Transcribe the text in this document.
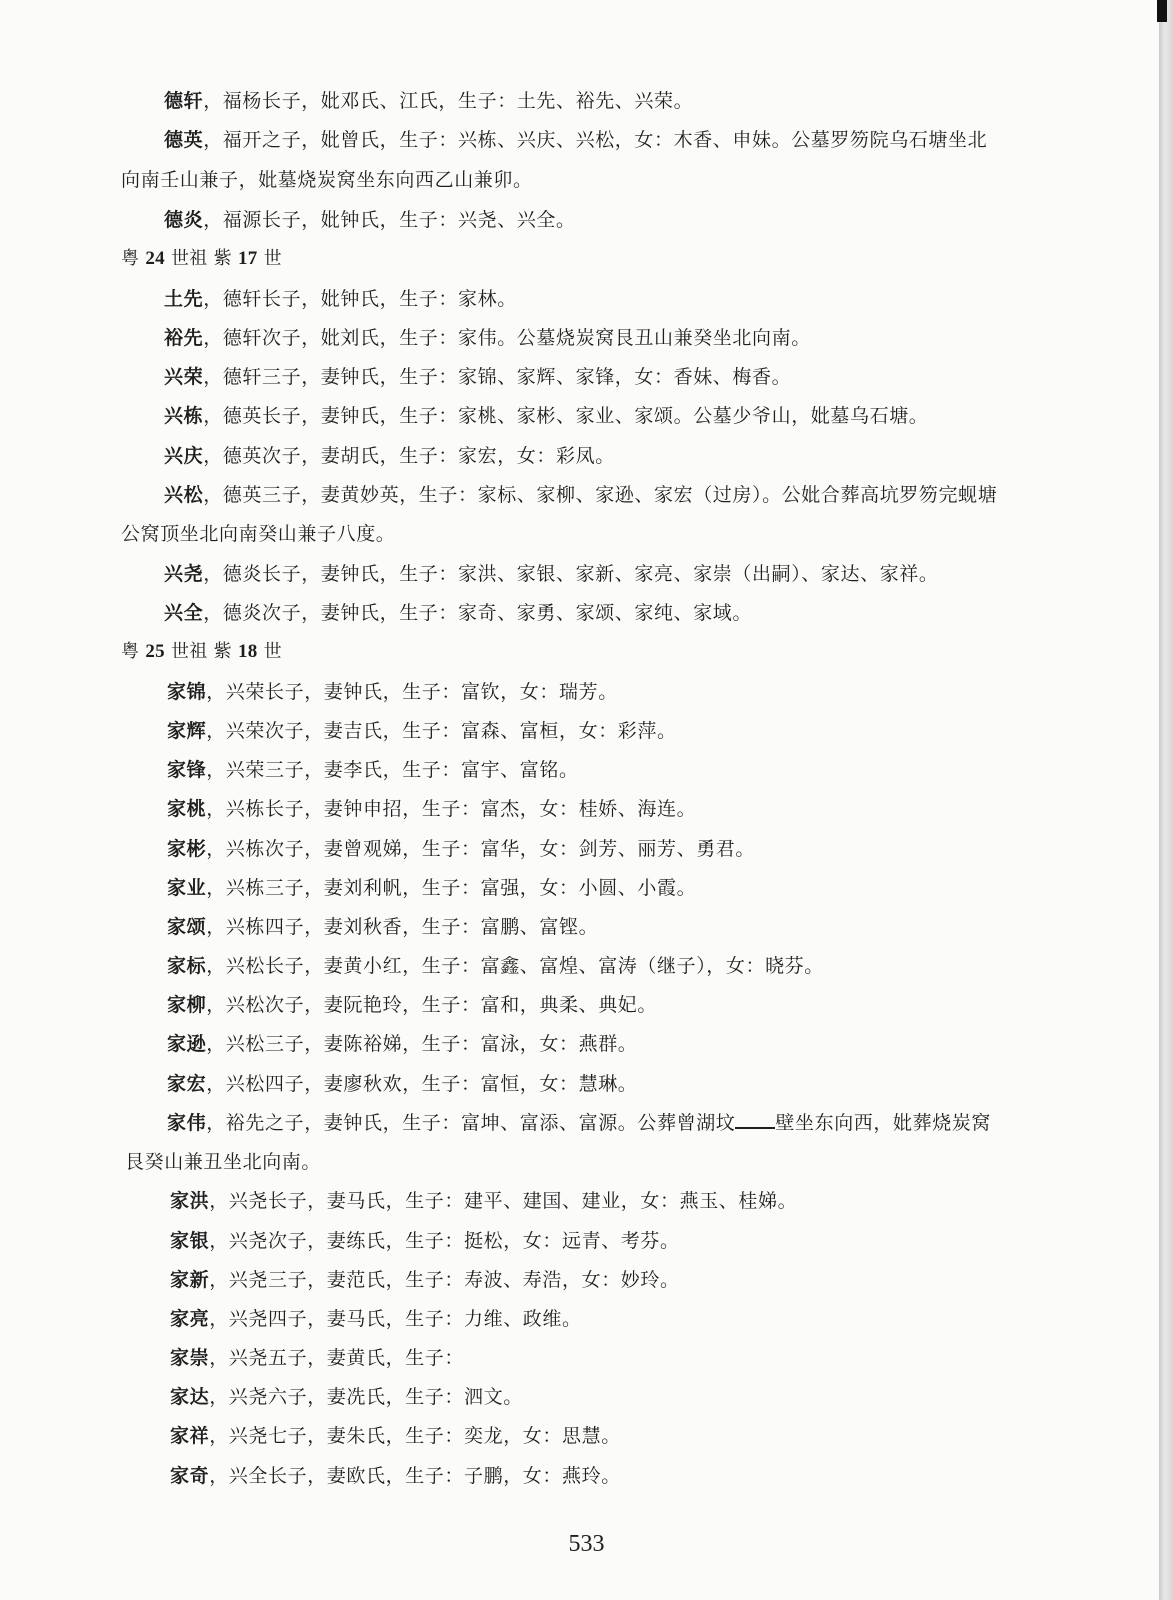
德轩，福杨长子，妣邓氏、江氏，生子：土先、裕先、兴荣。
德英，福开之子，妣曾氏，生子：兴栋、兴庆、兴松，女：木香、申妹。公墓罗笏院乌石塘坐北
向南壬山兼子，妣墓烧炭窝坐东向西乙山兼卯。
德炎，福源长子，妣钟氏，生子：兴尧、兴全。
粤 24 世祖 紫 17 世
土先，德轩长子，妣钟氏，生子：家林。
裕先，德轩次子，妣刘氏，生子：家伟。公墓烧炭窝艮丑山兼癸坐北向南。
兴荣，德轩三子，妻钟氏，生子：家锦、家辉、家锋，女：香妹、梅香。
兴栋，德英长子，妻钟氏，生子：家桃、家彬、家业、家颂。公墓少爷山，妣墓乌石塘。
兴庆，德英次子，妻胡氏，生子：家宏，女：彩凤。
兴松，德英三子，妻黄妙英，生子：家标、家柳、家逊、家宏（过房）。公妣合葬高坑罗笏完蚬塘
公窝顶坐北向南癸山兼子八度。
兴尧，德炎长子，妻钟氏，生子：家洪、家银、家新、家亮、家崇（出嗣）、家达、家祥。
兴全，德炎次子，妻钟氏，生子：家奇、家勇、家颂、家纯、家域。
粤 25 世祖 紫 18 世
家锦，兴荣长子，妻钟氏，生子：富钦，女：瑞芳。
家辉，兴荣次子，妻吉氏，生子：富森、富桓，女：彩萍。
家锋，兴荣三子，妻李氏，生子：富宇、富铭。
家桃，兴栋长子，妻钟申招，生子：富杰，女：桂娇、海连。
家彬，兴栋次子，妻曾观娣，生子：富华，女：剑芳、丽芳、勇君。
家业，兴栋三子，妻刘利帆，生子：富强，女：小圆、小霞。
家颂，兴栋四子，妻刘秋香，生子：富鹏、富铿。
家标，兴松长子，妻黄小红，生子：富鑫、富煌、富涛（继子），女：晓芬。
家柳，兴松次子，妻阮艳玲，生子：富和，典柔、典妃。
家逊，兴松三子，妻陈裕娣，生子：富泳，女：燕群。
家宏，兴松四子，妻廖秋欢，生子：富恒，女：慧琳。
家伟，裕先之子，妻钟氏，生子：富坤、富添、富源。公葬曾湖坟 壁坐东向西，妣葬烧炭窝
艮癸山兼丑坐北向南。
家洪，兴尧长子，妻马氏，生子：建平、建国、建业，女：燕玉、桂娣。
家银，兴尧次子，妻练氏，生子：挺松，女：远青、考芬。
家新，兴尧三子，妻范氏，生子：寿波、寿浩，女：妙玲。
家亮，兴尧四子，妻马氏，生子：力维、政维。
家崇，兴尧五子，妻黄氏，生子：
家达，兴尧六子，妻冼氏，生子：泗文。
家祥，兴尧七子，妻朱氏，生子：奕龙，女：思慧。
家奇，兴全长子，妻欧氏，生子：子鹏，女：燕玲。
533
